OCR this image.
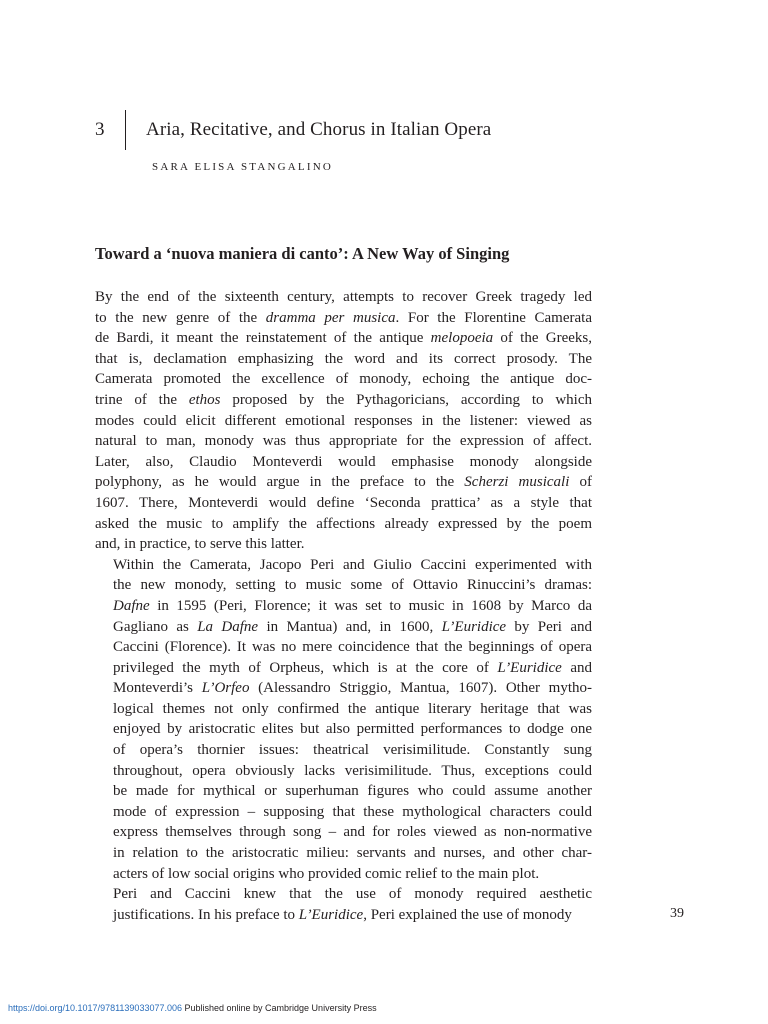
3	Aria, Recitative, and Chorus in Italian Opera
SARA ELISA STANGALINO
Toward a ‘nuova maniera di canto’: A New Way of Singing

By the end of the sixteenth century, attempts to recover Greek tragedy led
to the new genre of the dramma per musica. For the Florentine Camerata
de Bardi, it meant the reinstatement of the antique melopoeia of the Greeks,
that is, declamation emphasizing the word and its correct prosody. The
Camerata promoted the excellence of monody, echoing the antique doc-
trine of the ethos proposed by the Pythagoricians, according to which
modes could elicit different emotional responses in the listener: viewed as
natural to man, monody was thus appropriate for the expression of affect.
Later, also, Claudio Monteverdi would emphasise monody alongside
polyphony, as he would argue in the preface to the Scherzi musicali of
1607. There, Monteverdi would define ‘Seconda prattica’ as a style that
asked the music to amplify the affections already expressed by the poem
and, in practice, to serve this latter.

Within the Camerata, Jacopo Peri and Giulio Caccini experimented with
the new monody, setting to music some of Ottavio Rinuccini’s dramas:
Dafne in 1595 (Peri, Florence; it was set to music in 1608 by Marco da
Gagliano as La Dafne in Mantua) and, in 1600, L’Euridice by Peri and
Caccini (Florence). It was no mere coincidence that the beginnings of opera
privileged the myth of Orpheus, which is at the core of L’Euridice and
Monteverdi’s L’Orfeo (Alessandro Striggio, Mantua, 1607). Other mytho-
logical themes not only confirmed the antique literary heritage that was
enjoyed by aristocratic elites but also permitted performances to dodge one
of opera’s thornier issues: theatrical verisimilitude. Constantly sung
throughout, opera obviously lacks verisimilitude. Thus, exceptions could
be made for mythical or superhuman figures who could assume another
mode of expression – supposing that these mythological characters could
express themselves through song – and for roles viewed as non-normative
in relation to the aristocratic milieu: servants and nurses, and other char-
acters of low social origins who provided comic relief to the main plot.

Peri and Caccini knew that the use of monody required aesthetic
justifications. In his preface to L’Euridice, Peri explained the use of monody	39
https://doi.org/10.1017/9781139033077.006 Published online by Cambridge University Press
